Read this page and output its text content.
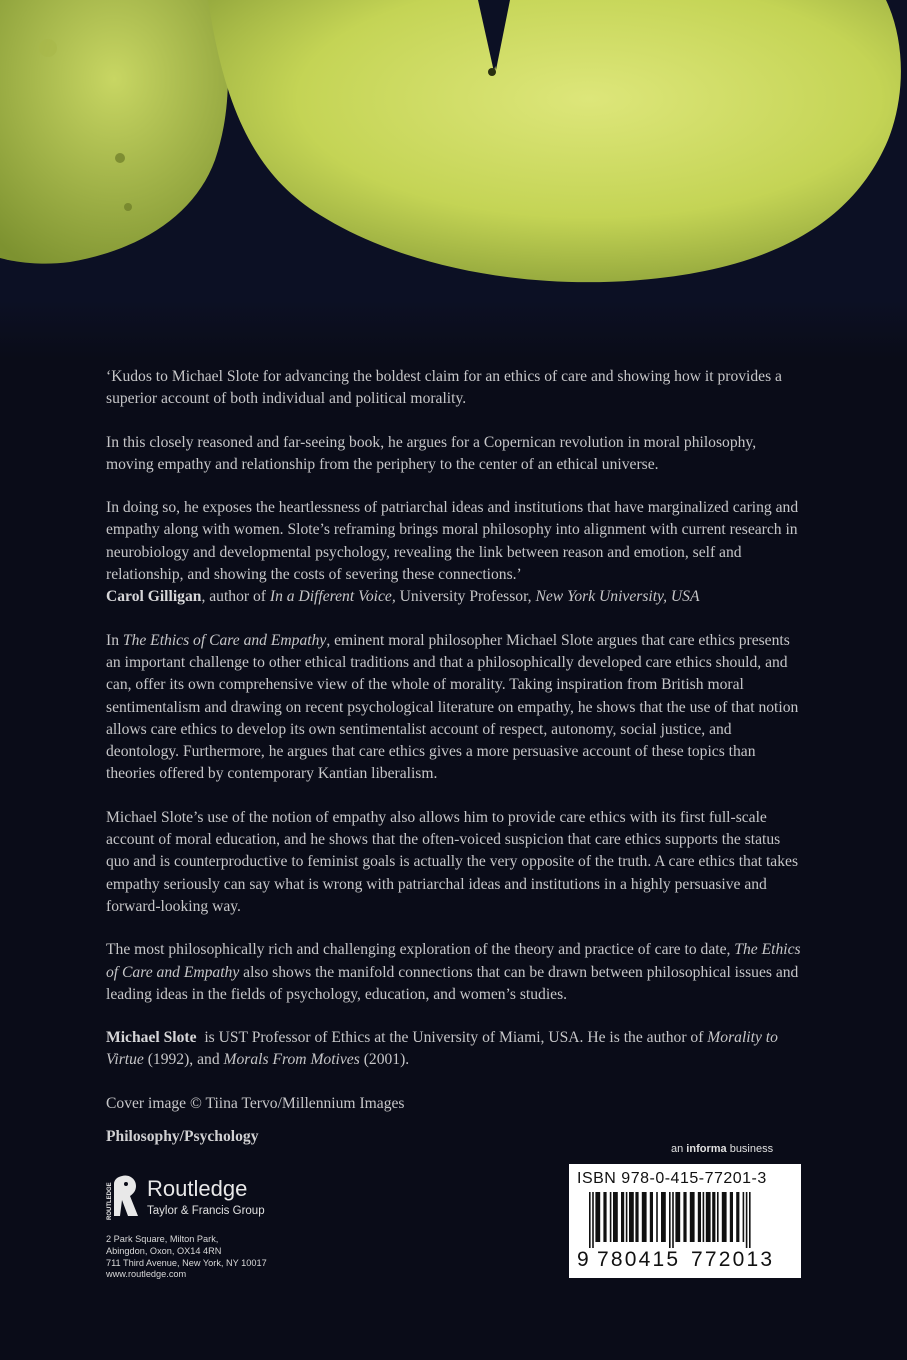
‘Kudos to Michael Slote for advancing the boldest claim for an ethics of care and showing how it provides a superior account of both individual and political morality.

In this closely reasoned and far-seeing book, he argues for a Copernican revolution in moral philosophy, moving empathy and relationship from the periphery to the center of an ethical universe.

In doing so, he exposes the heartlessness of patriarchal ideas and institutions that have marginalized caring and empathy along with women. Slote’s reframing brings moral philosophy into alignment with current research in neurobiology and developmental psychology, revealing the link between reason and emotion, self and relationship, and showing the costs of severing these connections.’
Carol Gilligan, author of In a Different Voice, University Professor, New York University, USA

In The Ethics of Care and Empathy, eminent moral philosopher Michael Slote argues that care ethics presents an important challenge to other ethical traditions and that a philosophically developed care ethics should, and can, offer its own comprehensive view of the whole of morality. Taking inspiration from British moral sentimentalism and drawing on recent psychological literature on empathy, he shows that the use of that notion allows care ethics to develop its own sentimentalist account of respect, autonomy, social justice, and deontology. Furthermore, he argues that care ethics gives a more persuasive account of these topics than theories offered by contemporary Kantian liberalism.

Michael Slote’s use of the notion of empathy also allows him to provide care ethics with its first full-scale account of moral education, and he shows that the often-voiced suspicion that care ethics supports the status quo and is counterproductive to feminist goals is actually the very opposite of the truth. A care ethics that takes empathy seriously can say what is wrong with patriarchal ideas and institutions in a highly persuasive and forward-looking way.

The most philosophically rich and challenging exploration of the theory and practice of care to date, The Ethics of Care and Empathy also shows the manifold connections that can be drawn between philosophical issues and leading ideas in the fields of psychology, education, and women’s studies.

Michael Slote  is UST Professor of Ethics at the University of Miami, USA. He is the author of Morality to Virtue (1992), and Morals From Motives (2001).

Cover image © Tiina Tervo/Millennium Images

Philosophy/Psychology
an informa business
ISBN 978-0-415-77201-3
9 780415 772013
ROUTLEDGE Routledge
Taylor & Francis Group
2 Park Square, Milton Park,
Abingdon, Oxon, OX14 4RN
711 Third Avenue, New York, NY 10017
www.routledge.com
